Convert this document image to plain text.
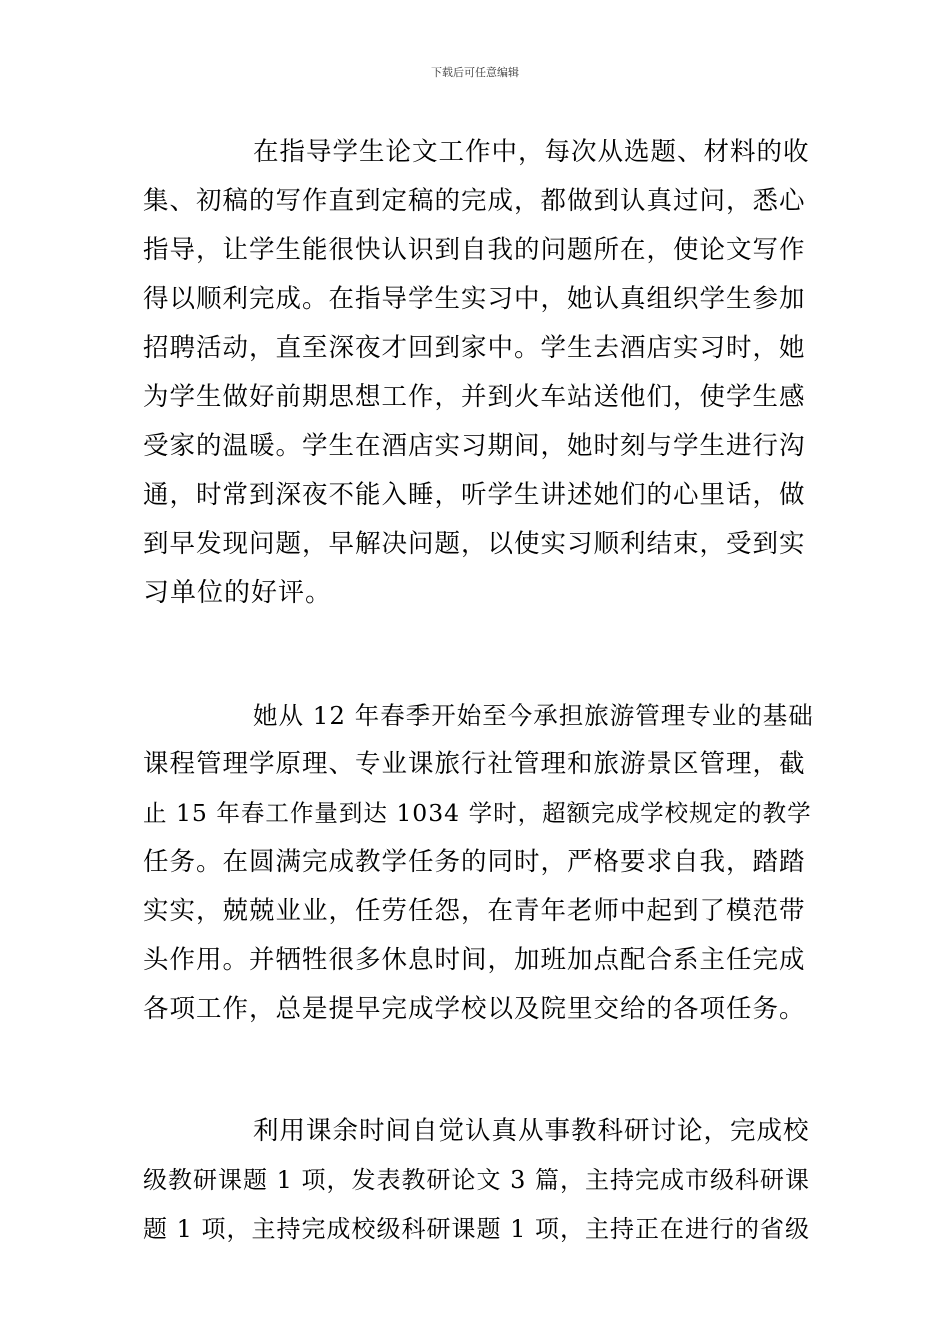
下载后可任意编辑
在指导学生论文工作中，每次从选题、材料的收
集、初稿的写作直到定稿的完成，都做到认真过问，悉心
指导，让学生能很快认识到自我的问题所在，使论文写作
得以顺利完成。在指导学生实习中，她认真组织学生参加
招聘活动，直至深夜才回到家中。学生去酒店实习时，她
为学生做好前期思想工作，并到火车站送他们，使学生感
受家的温暖。学生在酒店实习期间，她时刻与学生进行沟
通，时常到深夜不能入睡，听学生讲述她们的心里话，做
到早发现问题，早解决问题，以使实习顺利结束，受到实
习单位的好评。
她从 12 年春季开始至今承担旅游管理专业的基础
课程管理学原理、专业课旅行社管理和旅游景区管理，截
止 15 年春工作量到达 1034 学时，超额完成学校规定的教学
任务。在圆满完成教学任务的同时，严格要求自我，踏踏
实实，兢兢业业，任劳任怨，在青年老师中起到了模范带
头作用。并牺牲很多休息时间，加班加点配合系主任完成
各项工作，总是提早完成学校以及院里交给的各项任务。
利用课余时间自觉认真从事教科研讨论，完成校
级教研课题 1 项，发表教研论文 3 篇，主持完成市级科研课
题 1 项，主持完成校级科研课题 1 项，主持正在进行的省级
